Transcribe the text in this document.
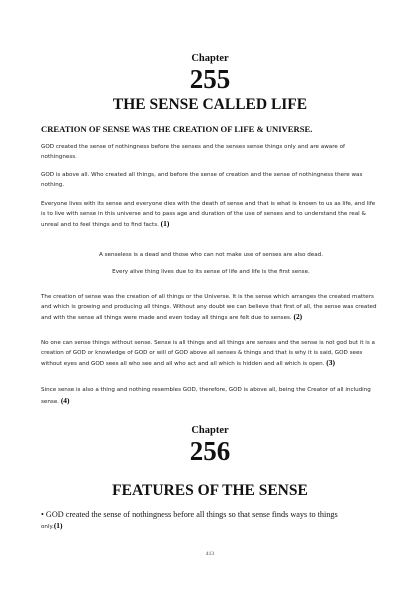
Chapter
255
THE SENSE CALLED LIFE
CREATION OF SENSE WAS THE CREATION OF LIFE & UNIVERSE.

GOD created the sense of nothingness before the senses and the senses sense things only and are aware of nothingness.

GOD is above all. Who created all things, and before the sense of creation and the sense of nothingness there was nothing.

Everyone lives with its sense and everyone dies with the death of sense and that is what is known to us as life, and life is to live with sense in this universe and to pass age and duration of the use of senses and to understand the real & unreal and to feel things and to find facts. (1)

A senseless is a dead and those who can not make use of senses are also dead.

Every alive thing lives due to its sense of life and life is the first sense.

The creation of sense was the creation of all things or the Universe. It is the sense which arranges the created matters and which is growing and producing all things. Without any doubt we can believe that first of all, the sense was created and with the sense all things were made and even today all things are felt due to senses. (2)

No one can sense things without sense. Sense is all things and all things are senses and the sense is not god but it is a creation of GOD or knowledge of GOD or will of GOD above all senses & things and that is why it is said, GOD sees without eyes and GOD sees all who see and all who act and all which is hidden and all which is open. (3)

Since sense is also a thing and nothing resembles GOD, therefore, GOD is above all, being the Creator of all including sense. (4)

Chapter
256
FEATURES OF THE SENSE

• GOD created the sense of nothingness before all things so that sense finds ways to things
only.(1)

413
